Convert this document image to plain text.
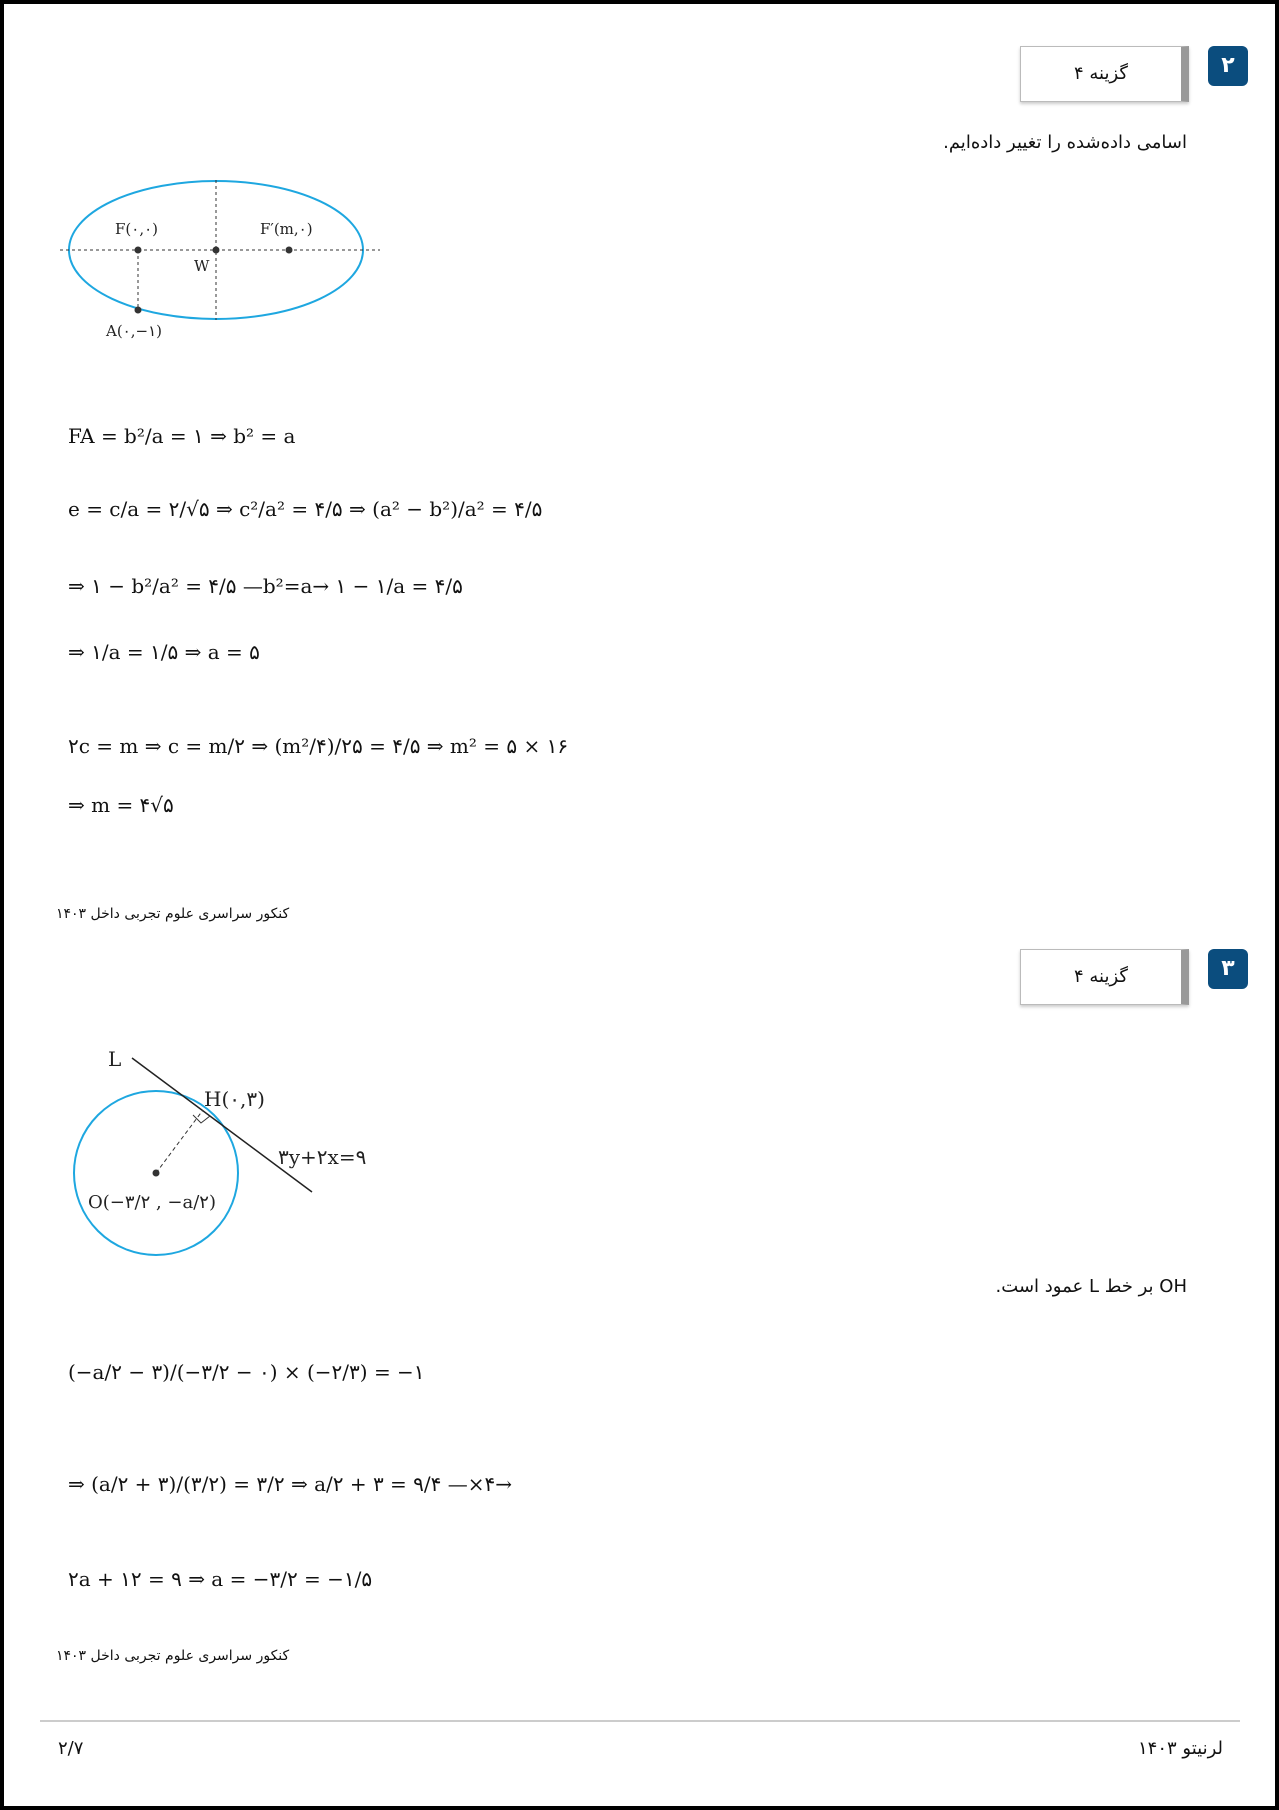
۲
گزینه ۴
اسامی داده‌شده را تغییر داده‌ایم.
F(۰,۰)	F′(m,۰)
W
A(۰,−۱)
FA = b²/a = ۱ ⇒ b² = a
e = c/a = ۲/√۵ ⇒ c²/a² = ۴/۵ ⇒ (a² − b²)/a² = ۴/۵
⇒ ۱ − b²/a² = ۴/۵ —b²=a→ ۱ − ۱/a = ۴/۵
⇒ ۱/a = ۱/۵ ⇒ a = ۵
۲c = m ⇒ c = m/۲ ⇒ (m²/۴)/۲۵ = ۴/۵ ⇒ m² = ۵ × ۱۶
⇒ m = ۴√۵
کنکور سراسری علوم تجربی داخل ۱۴۰۳
۳
گزینه ۴
L
H(۰,۳)
۳y+۲x=۹
O(−۳/۲ , −a/۲)
OH بر خط L عمود است.
(−a/۲ − ۳)/(−۳/۲ − ۰) × (−۲/۳) = −۱
⇒ (a/۲ + ۳)/(۳/۲) = ۳/۲ ⇒ a/۲ + ۳ = ۹/۴ —×۴→
۲a + ۱۲ = ۹ ⇒ a = −۳/۲ = −۱/۵
کنکور سراسری علوم تجربی داخل ۱۴۰۳
لرنیتو ۱۴۰۳
۲/۷
